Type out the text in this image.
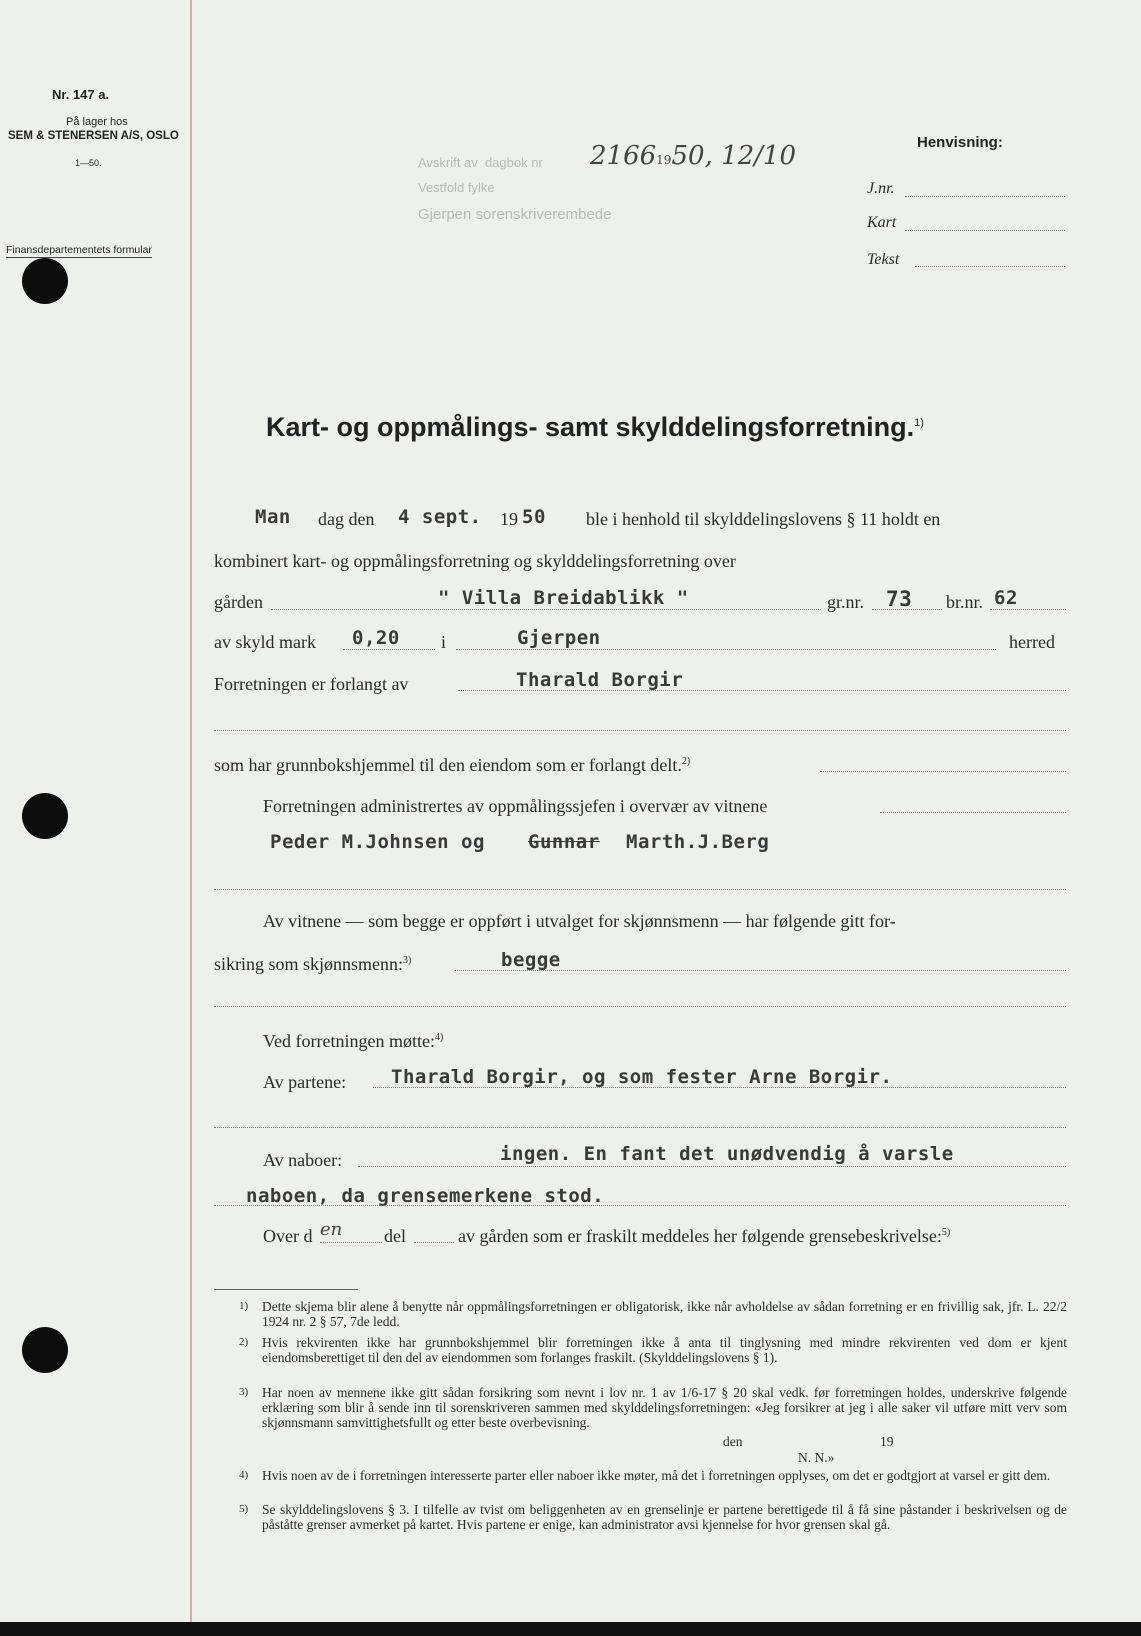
Nr. 147 a.
På lager hos
SEM & STENERSEN A/S, OSLO
1—50.
Finansdepartementets formular
Avskrift av dagbok nr 21661950, 12/10
Vestfold fylke
Gjerpen sorenskriverembede
Henvisning:
J.nr.
Kart
Tekst
Kart- og oppmålings- samt skylddelingsforretning.$^{1)}$
Man dag den 4 sept. 19 50 ble i henhold til skylddelingslovens § 11 holdt en
kombinert kart- og oppmålingsforretning og skylddelingsforretning over
gården	" Villa Breidablikk "	gr.nr. 73 br.nr. 62
av skyld mark 0,20 i	Gjerpen	herred
Forretningen er forlangt av	Tharald Borgir
som har grunnbokshjemmel til den eiendom som er forlangt delt.$^{2)}$
Forretningen administrertes av oppmålingssjefen i overvær av vitnene
Peder M.Johnsen og Gunnar Marth.J.Berg
Av vitnene — som begge er oppført i utvalget for skjønnsmenn — har følgende gitt for-
sikring som skjønnsmenn:$^{3)}$	begge
Ved forretningen møtte:$^{4)}$
Av partene: Tharald Borgir, og som fester Arne Borgir.
Av naboer:	ingen. En fant det unødvendig å varsle
naboen, da grensemerkene stod.
Over d en del	av gården som er fraskilt meddeles her følgende grensebeskrivelse:$^{5)}$
1) Dette skjema blir alene å benytte når oppmålingsforretningen er obligatorisk, ikke når avholdelse av sådan forretning er en frivillig sak, jfr. L. 22/2 1924 nr. 2 § 57, 7de ledd.
2) Hvis rekvirenten ikke har grunnbokshjemmel blir forretningen ikke å anta til tinglysning med mindre rekvirenten ved dom er kjent eiendomsberettiget til den del av eiendommen som forlanges fraskilt. (Skylddelingslovens § 1).
3) Har noen av mennene ikke gitt sådan forsikring som nevnt i lov nr. 1 av 1/6-17 § 20 skal vedk. før forretningen holdes, underskrive følgende erklæring som blir å sende inn til sorenskriveren sammen med skylddelingsforretningen: «Jeg forsikrer at jeg i alle saker vil utføre mitt verv som skjønnsmann samvittighetsfullt og etter beste overbevisning.
den	19
N. N.»
4) Hvis noen av de i forretningen interesserte parter eller naboer ikke møter, må det i forretningen opplyses, om det er godtgjort at varsel er gitt dem.
5) Se skylddelingslovens § 3. I tilfelle av tvist om beliggenheten av en grenselinje er partene berettigede til å få sine påstander i beskrivelsen og de påståtte grenser avmerket på kartet. Hvis partene er enige, kan administrator avsi kjennelse for hvor grensen skal gå.
